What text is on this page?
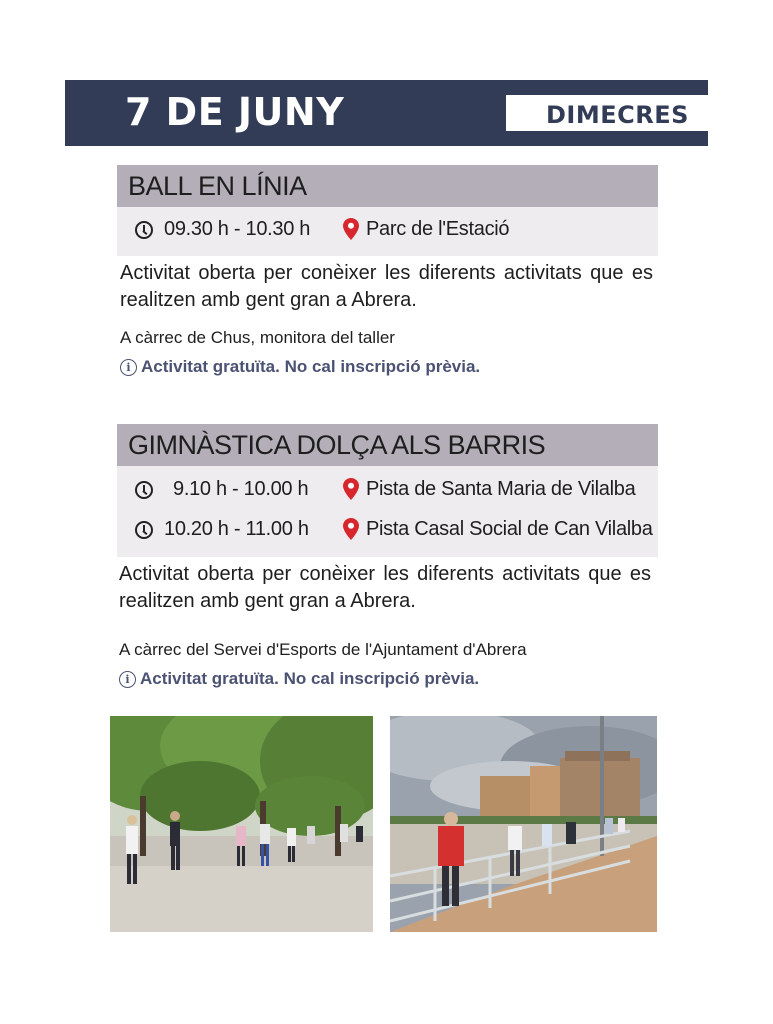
7 DE JUNY	DIMECRES
BALL EN LÍNIA
09.30 h - 10.30 h	Parc de l'Estació
Activitat oberta per conèixer les diferents activitats que es realitzen amb gent gran a Abrera.
A càrrec de Chus, monitora del taller
i Activitat gratuïta. No cal inscripció prèvia.
GIMNÀSTICA DOLÇA ALS BARRIS
9.10 h - 10.00 h	Pista de Santa Maria de Vilalba
10.20 h - 11.00 h	Pista Casal Social de Can Vilalba
Activitat oberta per conèixer les diferents activitats que es realitzen amb gent gran a Abrera.
A càrrec del Servei d'Esports de l'Ajuntament d'Abrera
i Activitat gratuïta. No cal inscripció prèvia.
